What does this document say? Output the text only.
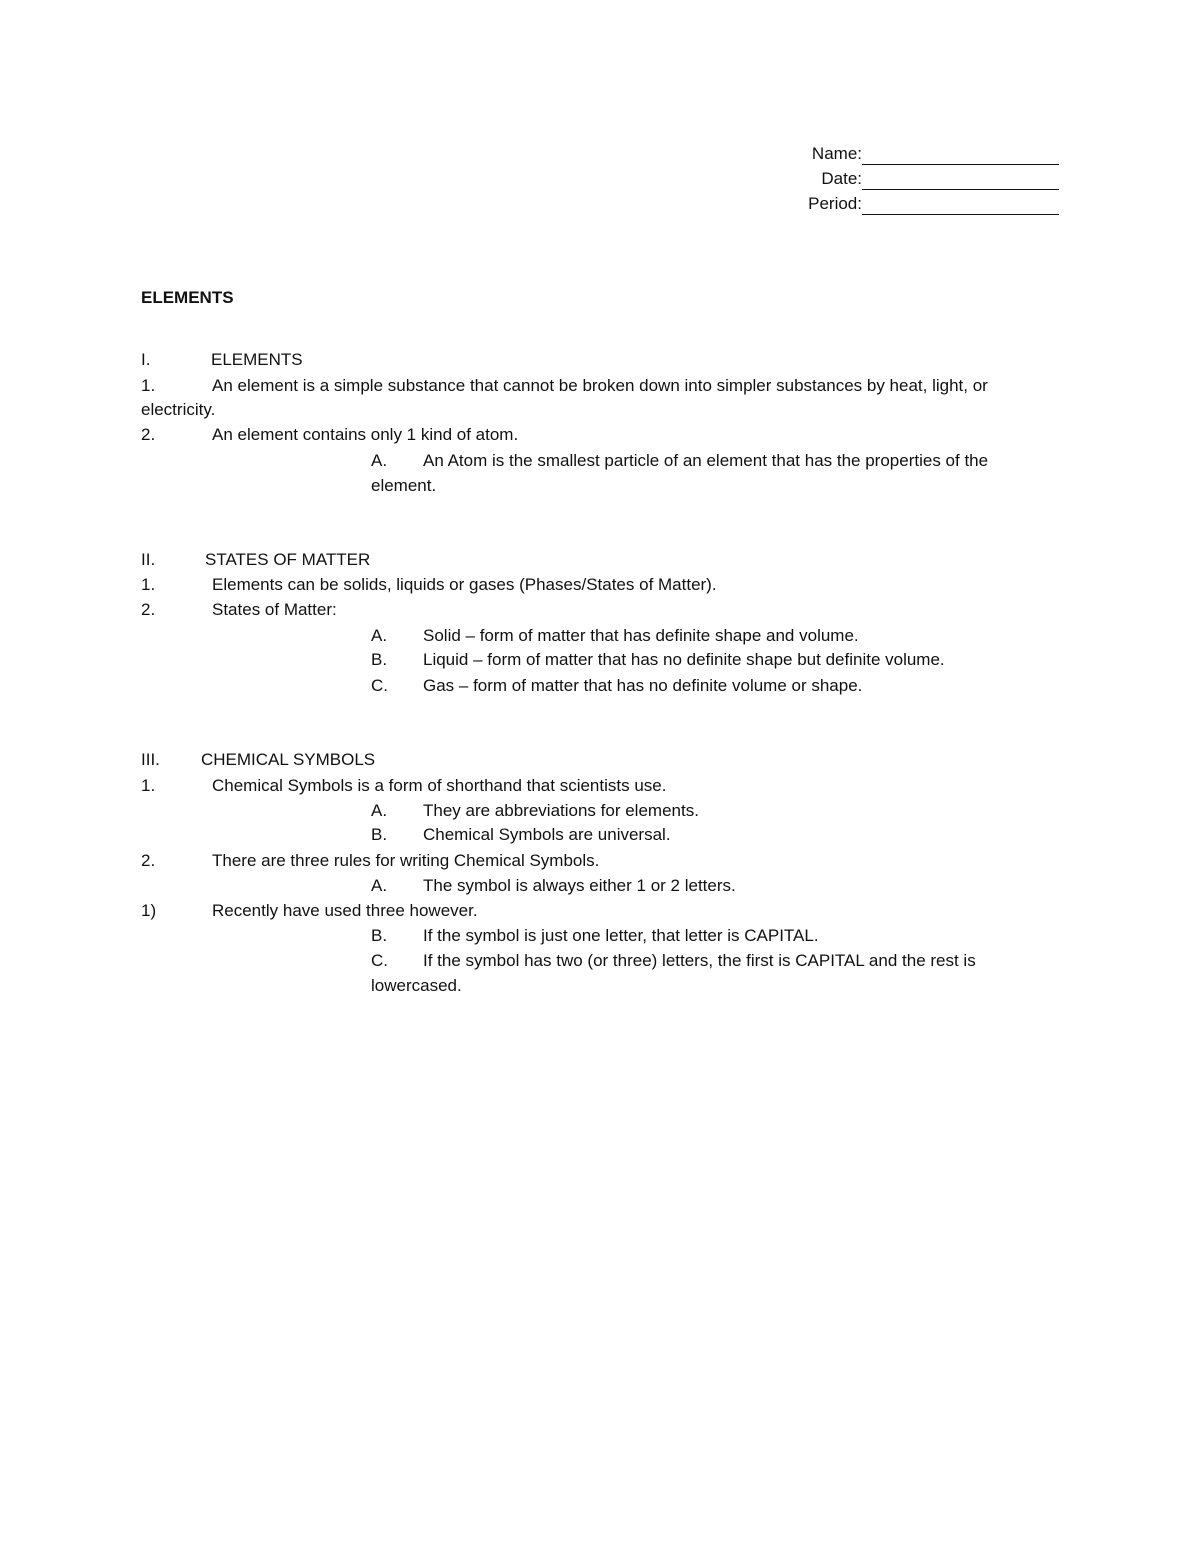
Name:
Date:
Period:
ELEMENTS
I.	ELEMENTS
1.	An element is a simple substance that cannot be broken down into simpler substances by heat, light, or
electricity.
2.	An element contains only 1 kind of atom.
A. An Atom is the smallest particle of an element that has the properties of the
element.
II.	STATES OF MATTER
1.	Elements can be solids, liquids or gases (Phases/States of Matter).
2.	States of Matter:
A. Solid – form of matter that has definite shape and volume.
B. Liquid – form of matter that has no definite shape but definite volume.
C. Gas – form of matter that has no definite volume or shape.
III. CHEMICAL SYMBOLS
1.	Chemical Symbols is a form of shorthand that scientists use.
A. They are abbreviations for elements.
B. Chemical Symbols are universal.
2.	There are three rules for writing Chemical Symbols.
A. The symbol is always either 1 or 2 letters.
1)	Recently have used three however.
B. If the symbol is just one letter, that letter is CAPITAL.
C. If the symbol has two (or three) letters, the first is CAPITAL and the rest is
lowercased.
